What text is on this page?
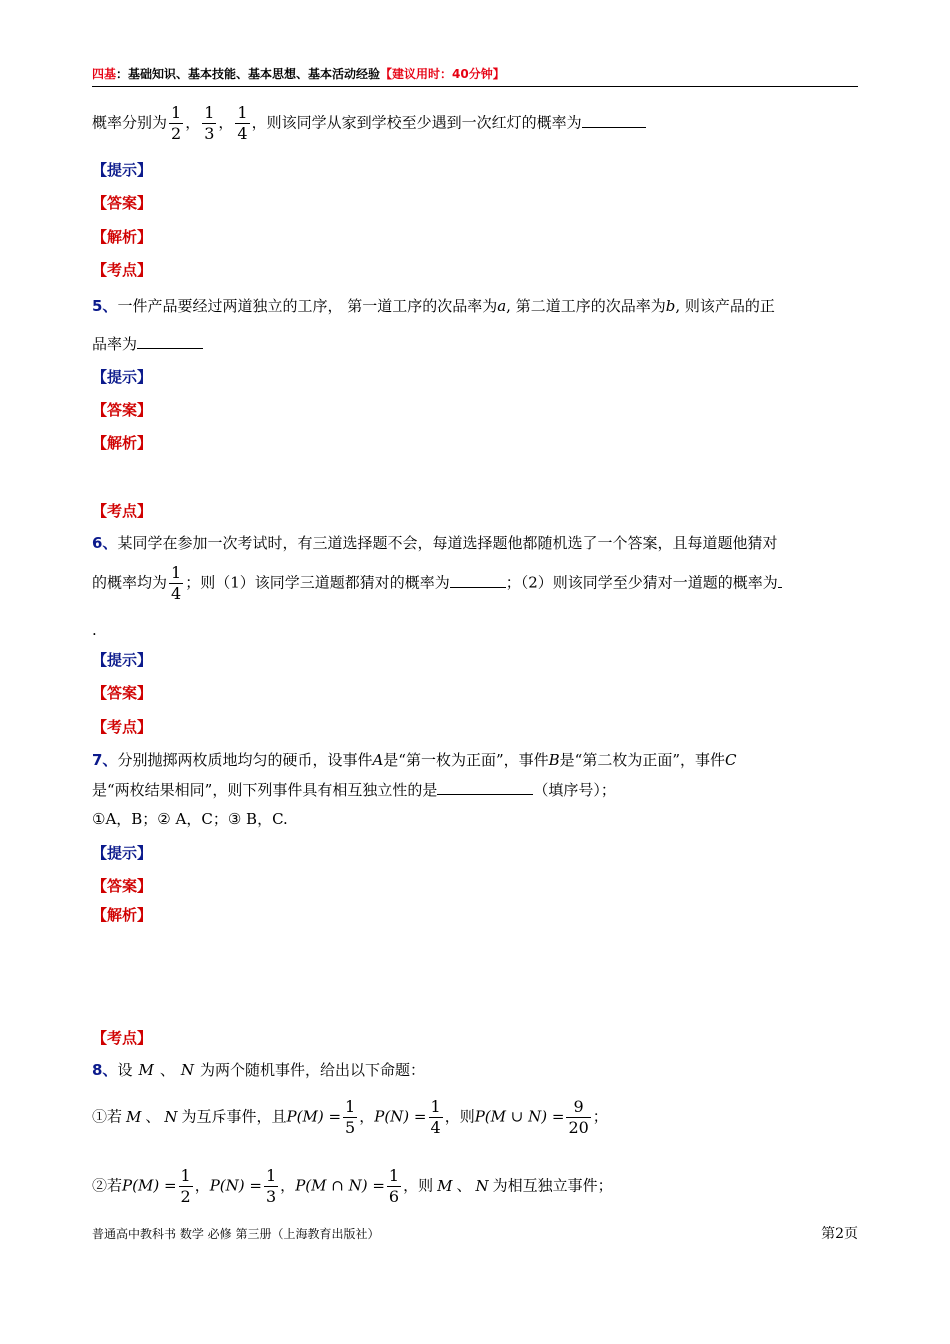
四基：基础知识、基本技能、基本思想、基本活动经验【建议用时：40分钟】
概率分别为 $\frac{1}{2}$ ， $\frac{1}{3}$ ， $\frac{1}{4}$ ，则该同学从家到学校至少遇到一次红灯的概率为
【提示】
【答案】
【解析】
【考点】
5、一件产品要经过两道独立的工序， 第一道工序的次品率为a, 第二道工序的次品率为b, 则该产品的正
品率为
【提示】
【答案】
【解析】
【考点】
6、某同学在参加一次考试时，有三道选择题不会，每道选择题他都随机选了一个答案，且每道题他猜对
的概率均为 $\frac{1}{4}$ ；则（1）该同学三道题都猜对的概率为	；（2）则该同学至少猜对一道题的概率为
.
【提示】
【答案】
【考点】
7、分别抛掷两枚质地均匀的硬币，设事件A是“第一枚为正面”，事件B是“第二枚为正面”，事件C
是“两枚结果相同”，则下列事件具有相互独立性的是	（填序号）；
①A，B；② A，C；③ B，C.
【提示】
【答案】
【解析】
【考点】
8、设 M 、 N 为两个随机事件，给出以下命题：
①若 M 、 N 为互斥事件，且$P(M) = \frac{1}{5}$ ，$P(N) = \frac{1}{4}$ ，则P(M ∪ $N) = \frac{9}{20}$ ；
②若$P(M) = \frac{1}{2}$ ，$P(N) = \frac{1}{3}$ ，P(M ∩ $N) = \frac{1}{6}$ ，则 M 、 N 为相互独立事件；
普通高中教科书 数学 必修 第三册（上海教育出版社）	第2页
